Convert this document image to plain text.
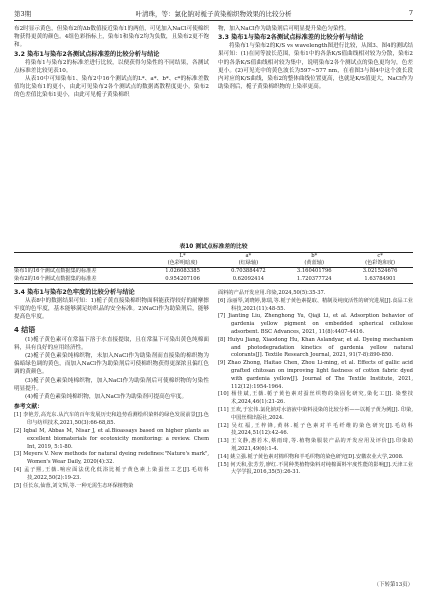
第3期	叶清珠，等：氯化钠对栀子黄染棉织物效果的比较分析	7

布2时显示黄色，但染布2的Δb数值接近染布1的两倍，可见加入NaCl可使棉织物获得更黄的颜色。4组色彩指标上，染布1和染布2均为负数，且染布2更不饱和。

3.2 染布1与染布2各测试点标准差的比较分析与结论

将染布1与染布2的标准差进行比较，以便获得匀染性的不同结果，各测试点标准差比较见表10。

从表10中可知染布1、染布2中16个测试点的L*、a*、b*、c*的标准差数值均比染布1的更小，由此可见染布2各个测试点的数据离散程度更小，染布2的色差值比染布1更小，由此可见栀子黄染棉织

物，加入NaCl作为助染剂后可明显提升染色匀染性。

3.3 染布1与染布2各测试点标准差的比较分析与结论

将染布1与染布2的K/S vs wavelength图进行比较，从图3、图4的测试结果可知：(1)在同等波长范围，染布1中的各条K/S值曲线相对较为分散，染布2中的各条K/S值曲线相对较为集中，说明染布2各个测试点的染色更均匀，色差更小。(2)可见光中的黄色波长为597~577 nm，在看图3与图4中这个波长段内对应的K/S曲线，染布2的整体曲线位置更高，也就是K/S值更大，NaCl作为助染剂后，栀子黄染棉织物的上染率更高。

表10 测试点标准差的比较
	L*	a*	b*	c*
	(色彩明暗度)	(红绿轴)	(黄蓝轴)	(色彩饱和度)
染布1的16个测试点数据集的标准差	1.026083385	0.703884472	3.160401796	3.021524676
染布2的16个测试点数据集的标准差	0.954207106	0.62092414	1.720377724	1.63784901
3.4 染布1与染布2色牢度的比较分析与结论

从表8中的数据结果可知：1)栀子黄直接染棉织物面料能获得较好的耐摩擦牢度的色牢度，基本能够满足纺织品的安全标准。2)NaCl作为助染剂后，能够提高色牢度。

4 结语

(1)栀子黄色素可在常温下溶于水直接提取，且在常温下可染出黄色纯棉面料，具有良好的应用经济性。

(2)栀子黄色素染纯棉织物，未加入NaCl作为助染剂而直接染的棉织物为偏暗绿色调的黄色，而加入NaCl作为助染剂后可使棉织物获得更深浓且偏红色调的黄颜色。

(3)栀子黄色素染纯棉织物，加入NaCl作为助染剂后可使棉织物的匀染性明显提升。

(4)栀子黄色素染纯棉织物，加入NaCl作为助染剂可提高色牢度。

参考文献：

[1] 李艳芳,高光东.从汽车的百年发展历史和趋势看测绘织染料的绿色发展前景[J].色印与纺织技术,2021,50(3):66-68,85.

[2] Iqbal M, Abbas M, Nisar J, et al.Bioassays based on higher plants as excellent biomaterials for ecotoxicity monitoring: a review. Chem Int, 2019, 5:1-80.

[3] Meyers V. New methods for natural dyeing redefines:"Nature's mark", Women's Wear Daily, 2020(4):32.

[4] 孟子熙,王薇.响应面法优化低浴比栀子黄色素上染蚕丝工艺[J].毛纺科技,2022,50(2):19-23.

[5] 任长东,仙蓉,刘文辉,等.一种无需生态环保植物染

面料的产品开发应用.印染,2024,50(5):35-37.

[6] 涂丽琴,刘晓婷,陈瑞,等.栀子黄色素提取、精制及纯度活性的研究进展[J].食品工业科技,2021(11):48-55.

[7] Jianting Liu, Zhenghong Yu, Qiaji Li, et al. Adsorption behavior of gardenia yellow pigment on embedded spherical cellulose adsorbent. BSC Advances, 2021, 11(8):4407-4416.

[8] Huiyu Jiang, Xiaodong Hu, Khan Aslandyar, et al. Dyeing mechanism and photodegradation kinetics of gardenia yellow natural colorants[J]. Textile Research Journal, 2021, 91(7-8):890-850.

[9] Zhao Zhong, Haitao Chen, Zhou Li-ming, et al. Effects of gallic acid grafted chitosan on improving light fastness of cotton fabric dyed with gardenia yellow[J]. Journal of The Textile Institute, 2021, 112(12):1954-1964.

[10] 杨佳斌,王薇.栀子黄色素对蚕丝织物的染固化研究,染化工[J]. 染整技术,2024,46(1):21-26.

[11] 王欢,于宏伟.氯化钠对水溶液中染料浸染的比较分析——以栀子黄为例[J]. 印染,中国丝绸出版社,2024.

[12] 吴红福,王梓锋,黄林.栀子色素对羊毛纤维的染色研究[J].毛纺科技,2024,51(12):42-46.

[13] 王文静,惠若木,蔡雨琦,等.植物染服装产品的开发应用及评价[J].印染助剂,2021,49(6):1-4.

[14] 姚立强.栀子黄色素对棉织物和羊毛织物的染色研究[D].安徽农业大学,2008.

[15] 何天和,张芳芳,廖红.不同种类植物染料对纯棉面料牢度性能的影响[J].天津工业大学学报,2016,35(5):26-31.

（下转第13页）
